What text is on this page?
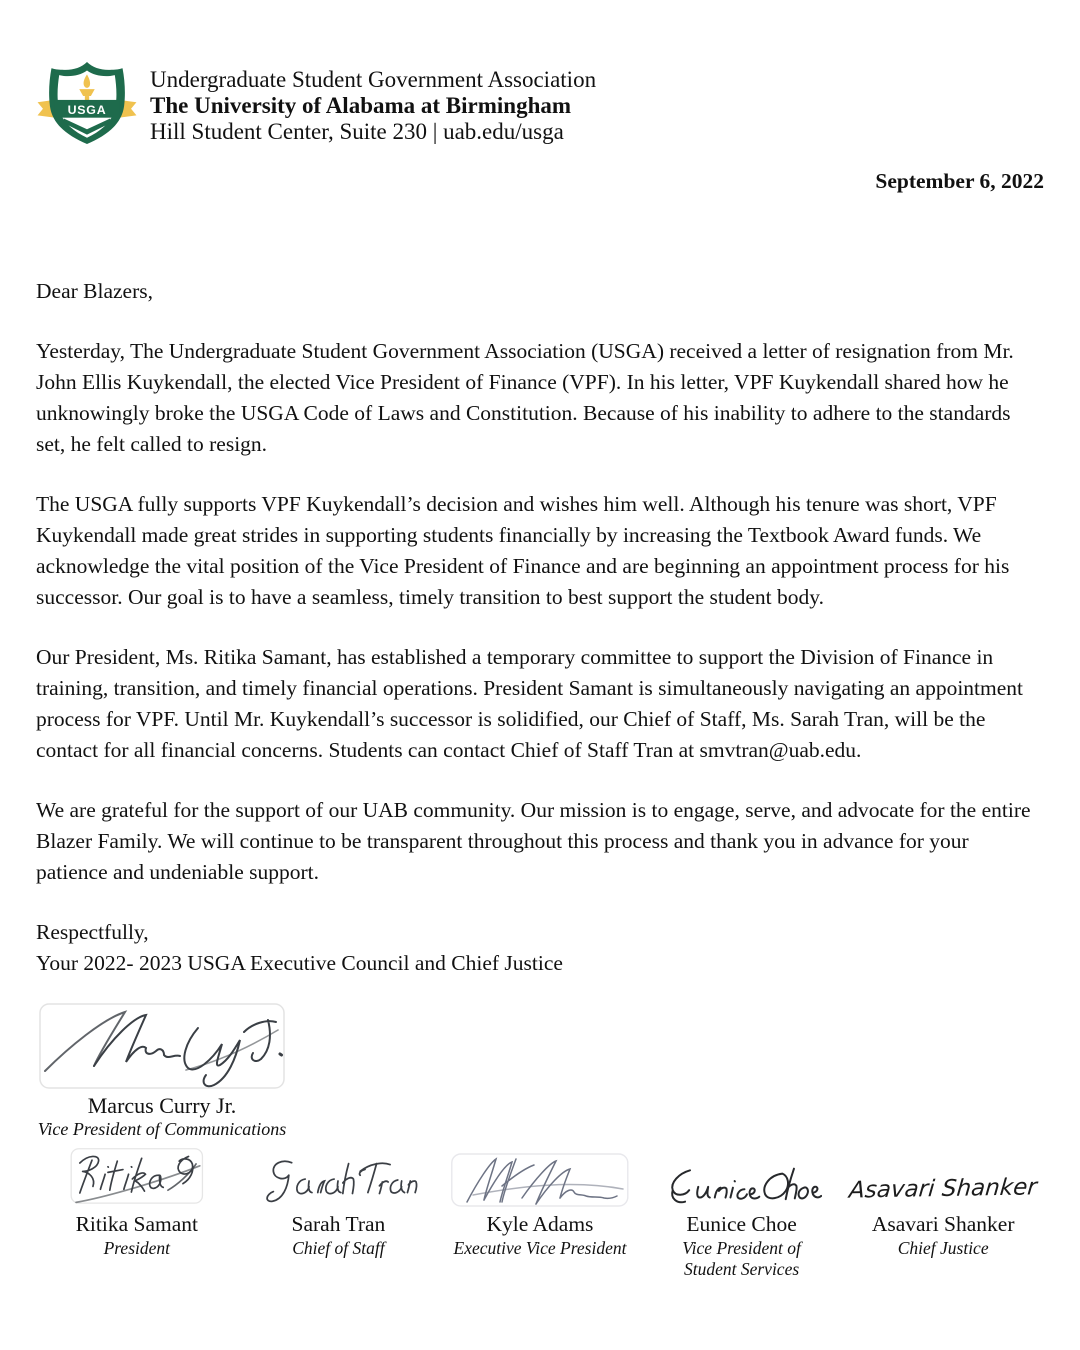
USGA
Undergraduate Student Government Association
The University of Alabama at Birmingham
Hill Student Center, Suite 230 | uab.edu/usga
September 6, 2022
Dear Blazers,

Yesterday, The Undergraduate Student Government Association (USGA) received a letter of resignation from Mr. John Ellis Kuykendall, the elected Vice President of Finance (VPF). In his letter, VPF Kuykendall shared how he unknowingly broke the USGA Code of Laws and Constitution. Because of his inability to adhere to the standards set, he felt called to resign.

The USGA fully supports VPF Kuykendall’s decision and wishes him well. Although his tenure was short, VPF Kuykendall made great strides in supporting students financially by increasing the Textbook Award funds. We acknowledge the vital position of the Vice President of Finance and are beginning an appointment process for his successor. Our goal is to have a seamless, timely transition to best support the student body.

Our President, Ms. Ritika Samant, has established a temporary committee to support the Division of Finance in training, transition, and timely financial operations. President Samant is simultaneously navigating an appointment process for VPF. Until Mr. Kuykendall’s successor is solidified, our Chief of Staff, Ms. Sarah Tran, will be the contact for all financial concerns. Students can contact Chief of Staff Tran at smvtran@uab.edu.

We are grateful for the support of our UAB community. Our mission is to engage, serve, and advocate for the entire Blazer Family. We will continue to be transparent throughout this process and thank you in advance for your patience and undeniable support.

Respectfully,
Your 2022- 2023 USGA Executive Council and Chief Justice
Marcus Curry Jr.
Vice President of Communications
Ritika Samant
President
Sarah Tran
Chief of Staff
Kyle Adams
Executive Vice President
Eunice Choe
Vice President of Student Services
Asavari Shanker
Asavari Shanker
Chief Justice
